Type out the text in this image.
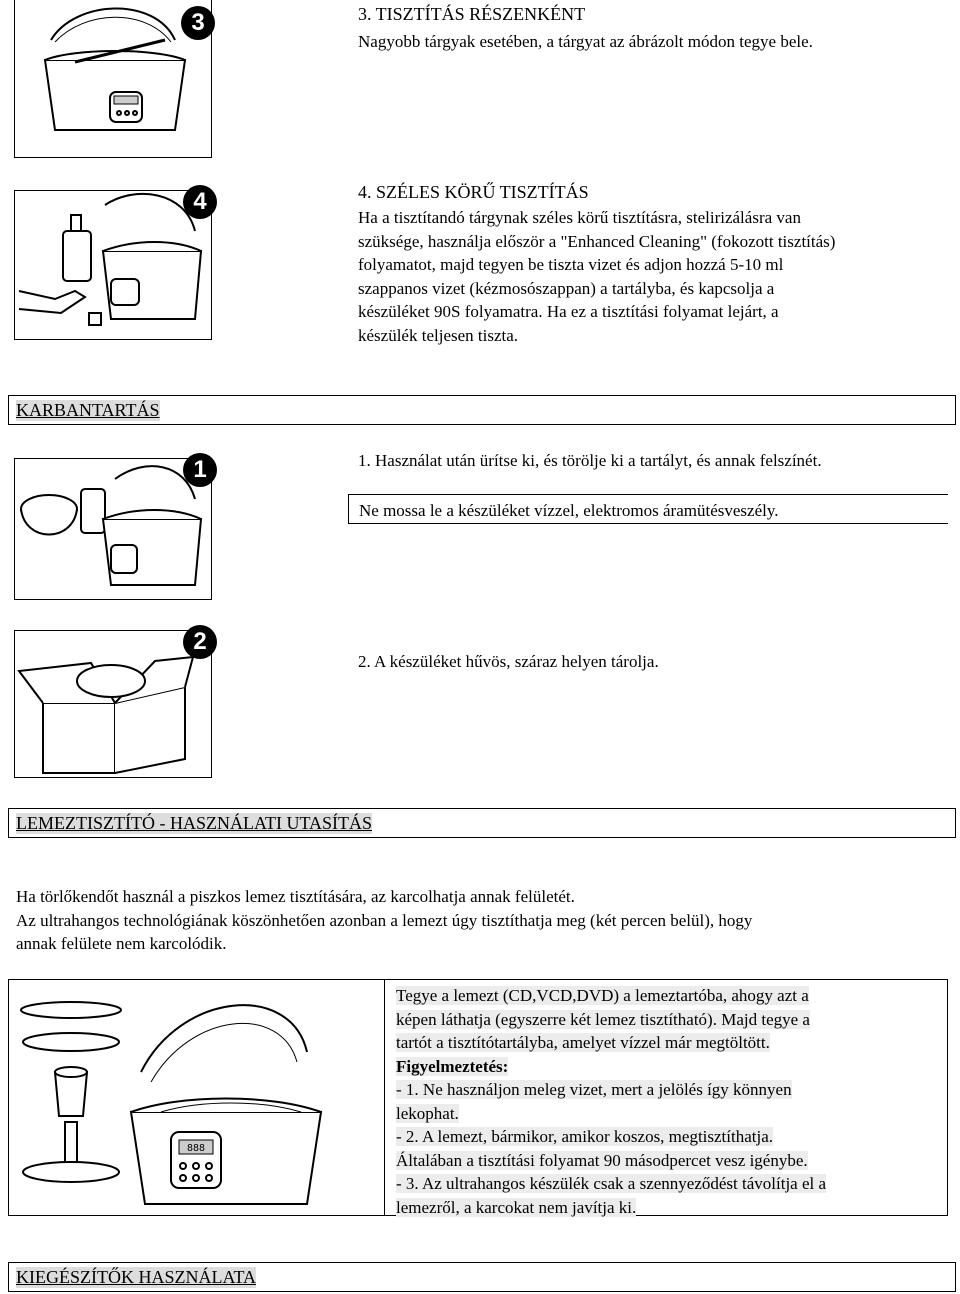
3	3. TISZTÍTÁS RÉSZENKÉNT
Nagyobb tárgyak esetében, a tárgyat az ábrázolt módon tegye bele.
4	4. SZÉLES KÖRŰ TISZTÍTÁS
Ha a tisztítandó tárgynak széles körű tisztításra, stelirizálásra van
szüksége, használja először a "Enhanced Cleaning" (fokozott tisztítás)
folyamatot, majd tegyen be tiszta vizet és adjon hozzá 5-10 ml
szappanos vizet (kézmosószappan) a tartályba, és kapcsolja a
készüléket 90S folyamatra. Ha ez a tisztítási folyamat lejárt, a
készülék teljesen tiszta.
KARBANTARTÁS
1	1. Használat után ürítse ki, és törölje ki a tartályt, és annak felszínét.
Ne mossa le a készüléket vízzel, elektromos áramütésveszély.
2
2. A készüléket hűvös, száraz helyen tárolja.
LEMEZTISZTÍTÓ - HASZNÁLATI UTASÍTÁS
Ha törlőkendőt használ a piszkos lemez tisztítására, az karcolhatja annak felületét.
Az ultrahangos technológiának köszönhetően azonban a lemezt úgy tisztíthatja meg (két percen belül), hogy
annak felülete nem karcolódik.
888
Tegye a lemezt (CD,VCD,DVD) a lemeztartóba, ahogy azt a
képen láthatja (egyszerre két lemez tisztítható). Majd tegye a
tartót a tisztítótartályba, amelyet vízzel már megtöltött.
Figyelmeztetés:
- 1. Ne használjon meleg vizet, mert a jelölés így könnyen
lekophat.
- 2. A lemezt, bármikor, amikor koszos, megtisztíthatja.
Általában a tisztítási folyamat 90 másodpercet vesz igénybe.
- 3. Az ultrahangos készülék csak a szennyeződést távolítja el a
lemezről, a karcokat nem javítja ki.
KIEGÉSZÍTŐK HASZNÁLATA
